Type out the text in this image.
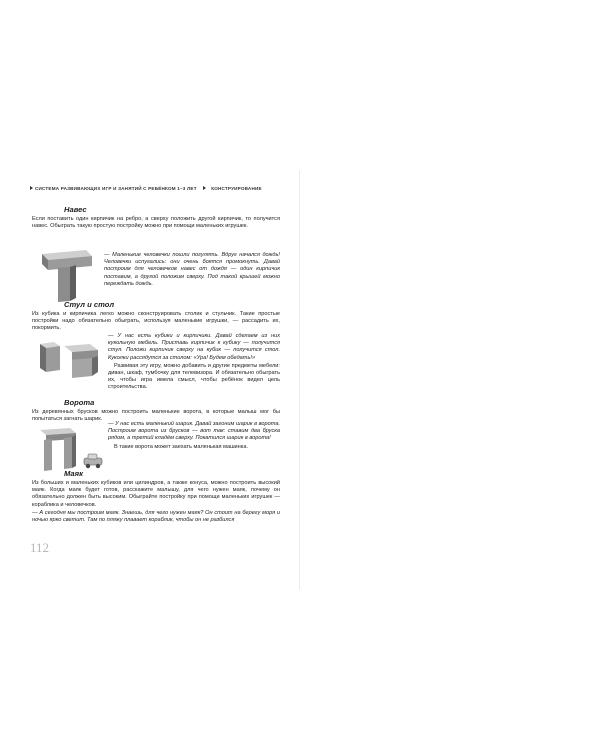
СИСТЕМА РАЗВИВАЮЩИХ ИГР И ЗАНЯТИЙ С РЕБЁНКОМ 1–3 ЛЕТ	КОНСТРУИРОВАНИЕ
Навес

Если поставить один кирпичик на ребро, а сверху положить другой кирпичик, то получится навес. Обыграть такую простую постройку можно при помощи маленьких игрушек.

— Маленькие человечки пошли погулять. Вдруг начался дождь! Человечки испугались: они очень боятся промокнуть. Давай построим для человечков навес от дождя — один кирпичик поставим, а другой положим сверху. Под такой крышей можно переждать дождь.

Стул и стол

Из кубика и кирпичика легко можно сконструировать столик и стульчик. Такие простые постройки надо обязательно обыграть, используя маленькие игрушки, — рассадить их, покормить.

— У нас есть кубики и кирпичики. Давай сделаем из них кукольную мебель. Приставь кирпичик к кубику — получится стул. Положи кирпичик сверху на кубик — получится стол. Куколки рассядутся за столом: «Урa! Будем обедать!»

Развивая эту игру, можно добавить и другие предметы мебели: диван, шкаф, тумбочку для телевизора. И обязательно обыграть их, чтобы игра имела смысл, чтобы ребёнок видел цель строительства.

Ворота

Из деревянных брусков можно построить маленькие ворота, в которые малыш мог бы попытаться загнать шарик.

— У нас есть маленький шарик. Давай загоним шарик в ворота. Построим ворота из брусков — вот так: ставим два бруска рядом, а третий кладём сверху. Покатился шарик в ворота!

В такие ворота может заехать маленькая машинка.

Маяк

Из больших и маленьких кубиков или цилиндров, а также конуса, можно построить высокий маяк. Когда маяк будет готов, расскажите малышу, для чего нужен маяк, почему он обязательно должен быть высоким. Обыграйте постройку при помощи маленьких игрушек — кораблика и человечков.

— А сегодня мы построим маяк. Знаешь, для чего нужен маяк? Он стоит на берегу моря и ночью ярко светит. Там по пляжу плавает кораблик, чтобы он не разбился

112
